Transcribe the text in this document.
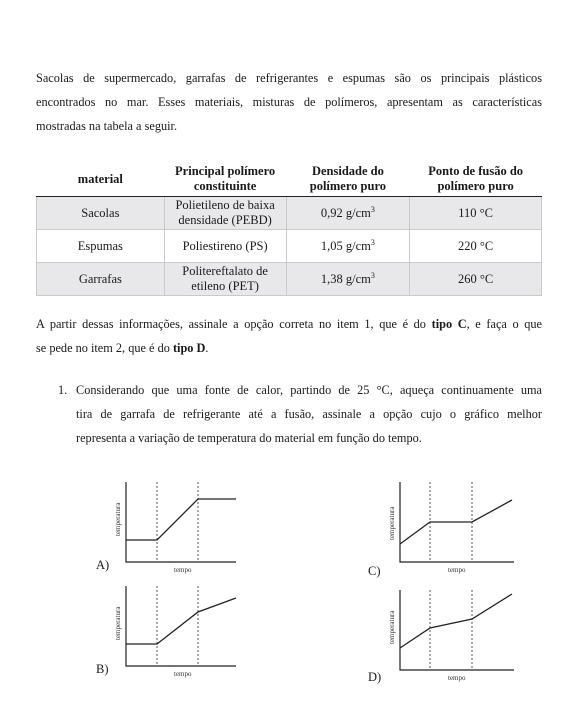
Sacolas de supermercado, garrafas de refrigerantes e espumas são os principais plásticos
encontrados no mar. Esses materiais, misturas de polímeros, apresentam as características
mostradas na tabela a seguir.

material	Principal polímero constituinte	Densidade do polímero puro	Ponto de fusão do polímero puro
Sacolas	Polietileno de baixa densidade (PEBD)	0,92 $g/cm^3$	110 °C
Espumas	Poliestireno (PS)	1,05 $g/cm^3$	220 °C
Garrafas	Politereftalato de etileno (PET)	1,38 $g/cm^3$	260 °C

A partir dessas informações, assinale a opção correta no item 1, que é do tipo C, e faça o que
se pede no item 2, que é do tipo D.

1. Considerando que uma fonte de calor, partindo de 25 °C, aqueça continuamente uma
tira de garrafa de refrigerante até a fusão, assinale a opção cujo o gráfico melhor
representa a variação de temperatura do material em função do tempo.
A)
temperatura
tempo
B)
temperatura
tempo
C)
temperatura
tempo
D)
temperatura
tempo
